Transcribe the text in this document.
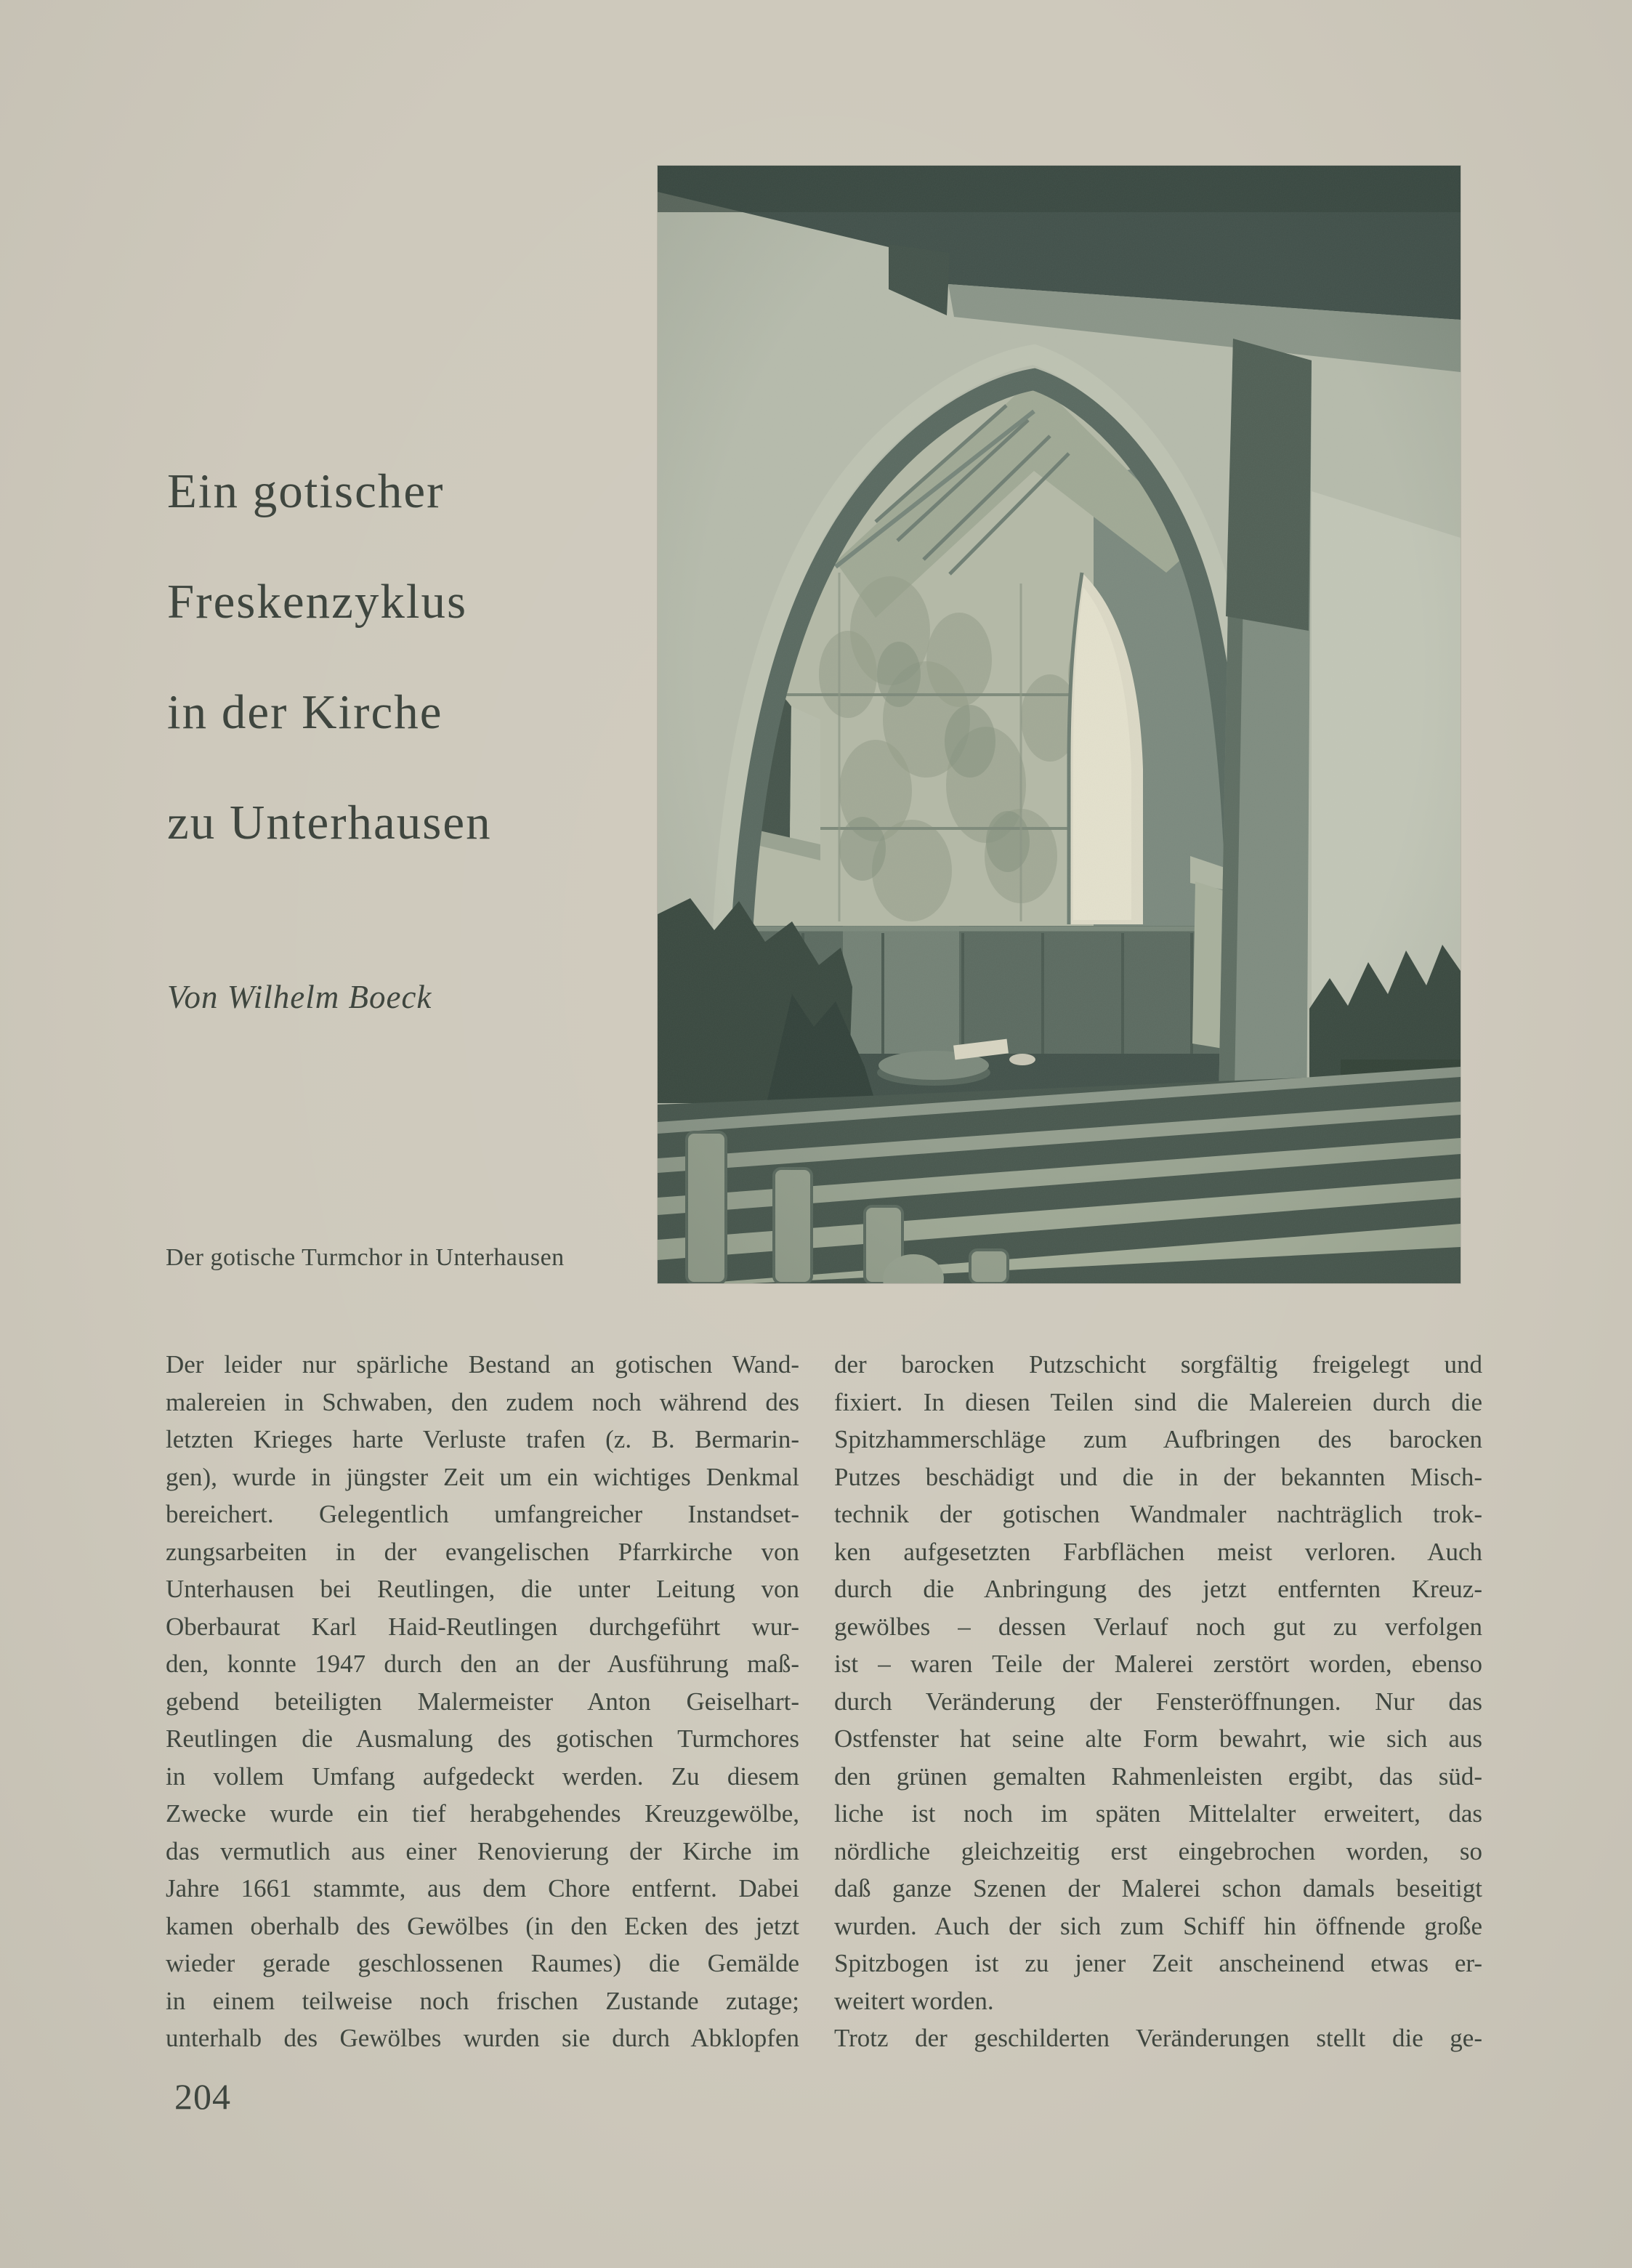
Ein gotischer
Freskenzyklus
in der Kirche
zu Unterhausen
Von Wilhelm Boeck
Der gotische Turmchor in Unterhausen
Der leider nur spärliche Bestand an gotischen Wand-
malereien in Schwaben, den zudem noch während des
letzten Krieges harte Verluste trafen (z. B. Bermarin-
gen), wurde in jüngster Zeit um ein wichtiges Denkmal
bereichert. Gelegentlich umfangreicher Instandset-
zungsarbeiten in der evangelischen Pfarrkirche von
Unterhausen bei Reutlingen, die unter Leitung von
Oberbaurat Karl Haid-Reutlingen durchgeführt wur-
den, konnte 1947 durch den an der Ausführung maß-
gebend beteiligten Malermeister Anton Geiselhart-
Reutlingen die Ausmalung des gotischen Turmchores
in vollem Umfang aufgedeckt werden. Zu diesem
Zwecke wurde ein tief herabgehendes Kreuzgewölbe,
das vermutlich aus einer Renovierung der Kirche im
Jahre 1661 stammte, aus dem Chore entfernt. Dabei
kamen oberhalb des Gewölbes (in den Ecken des jetzt
wieder gerade geschlossenen Raumes) die Gemälde
in einem teilweise noch frischen Zustande zutage;
unterhalb des Gewölbes wurden sie durch Abklopfen
der barocken Putzschicht sorgfältig freigelegt und
fixiert. In diesen Teilen sind die Malereien durch die
Spitzhammerschläge zum Aufbringen des barocken
Putzes beschädigt und die in der bekannten Misch-
technik der gotischen Wandmaler nachträglich trok-
ken aufgesetzten Farbflächen meist verloren. Auch
durch die Anbringung des jetzt entfernten Kreuz-
gewölbes – dessen Verlauf noch gut zu verfolgen
ist – waren Teile der Malerei zerstört worden, ebenso
durch Veränderung der Fensteröffnungen. Nur das
Ostfenster hat seine alte Form bewahrt, wie sich aus
den grünen gemalten Rahmenleisten ergibt, das süd-
liche ist noch im späten Mittelalter erweitert, das
nördliche gleichzeitig erst eingebrochen worden, so
daß ganze Szenen der Malerei schon damals beseitigt
wurden. Auch der sich zum Schiff hin öffnende große
Spitzbogen ist zu jener Zeit anscheinend etwas er-
weitert worden.
Trotz der geschilderten Veränderungen stellt die ge-
204
